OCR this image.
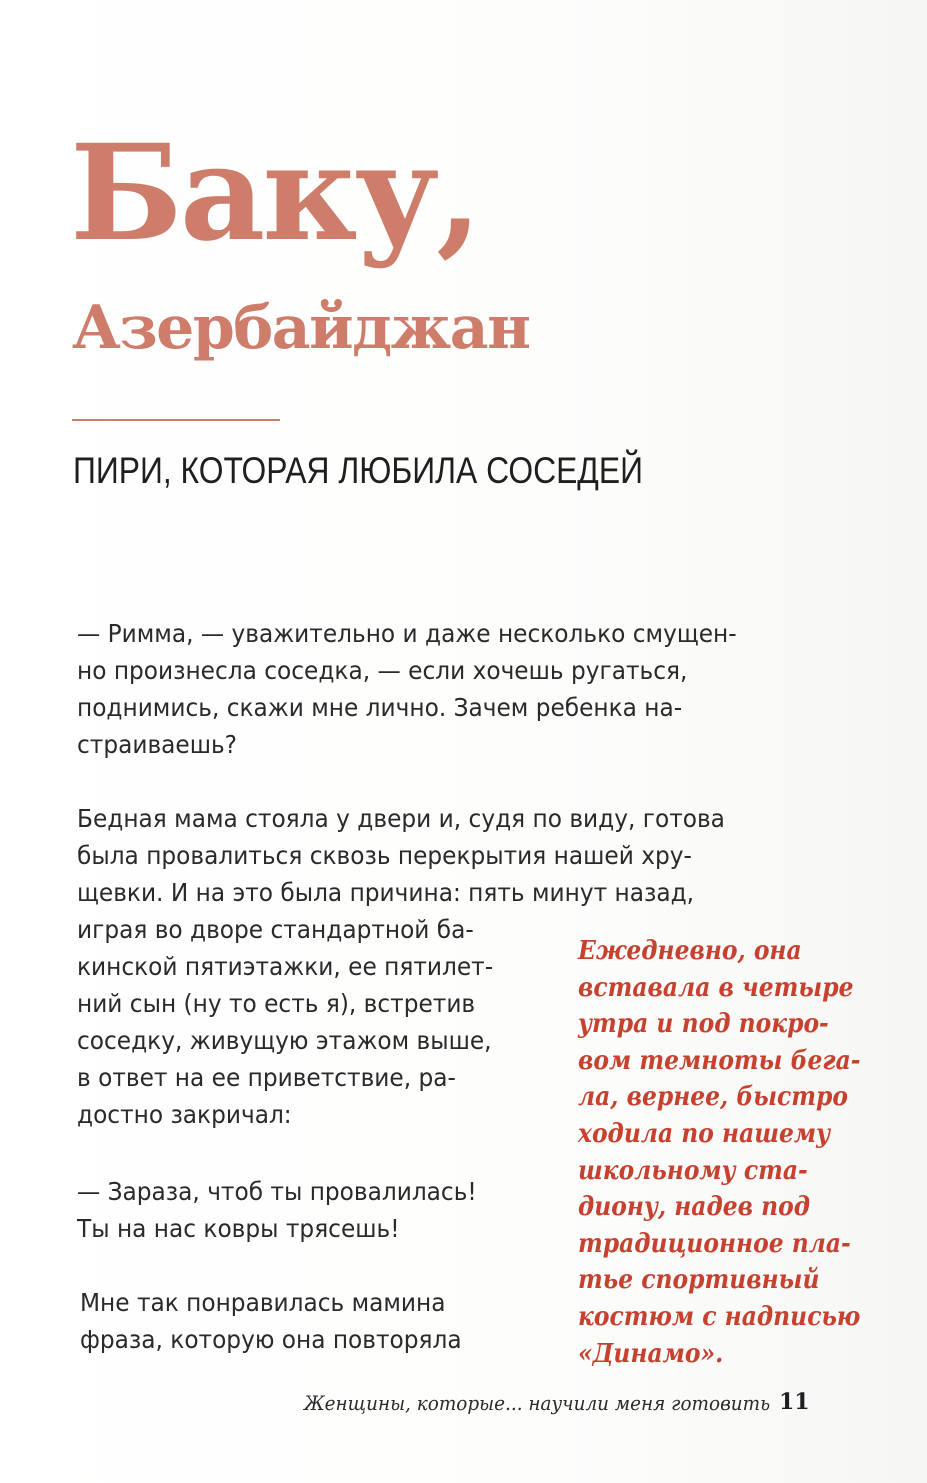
Баку,
Азербайджан
ПИРИ, КОТОРАЯ ЛЮБИЛА СОСЕДЕЙ
— Римма, — уважительно и даже несколько смущен-
но произнесла соседка, — если хочешь ругаться,
поднимись, скажи мне лично. Зачем ребенка на-
страиваешь?
Бедная мама стояла у двери и, судя по виду, готова
была провалиться сквозь перекрытия нашей хру-
щевки. И на это была причина: пять минут назад,
играя во дворе стандартной ба-
кинской пятиэтажки, ее пятилет-
ний сын (ну то есть я), встретив
соседку, живущую этажом выше,
в ответ на ее приветствие, ра-
достно закричал:
— Зараза, чтоб ты провалилась!
Ты на нас ковры трясешь!
Мне так понравилась мамина
фраза, которую она повторяла
Ежедневно, она
вставала в четыре
утра и под покро-
вом темноты бега-
ла, вернее, быстро
ходила по нашему
школьному ста-
диону, надев под
традиционное пла-
тье спортивный
костюм с надписью
«Динамо».
Женщины, которые... научили меня готовить 11
